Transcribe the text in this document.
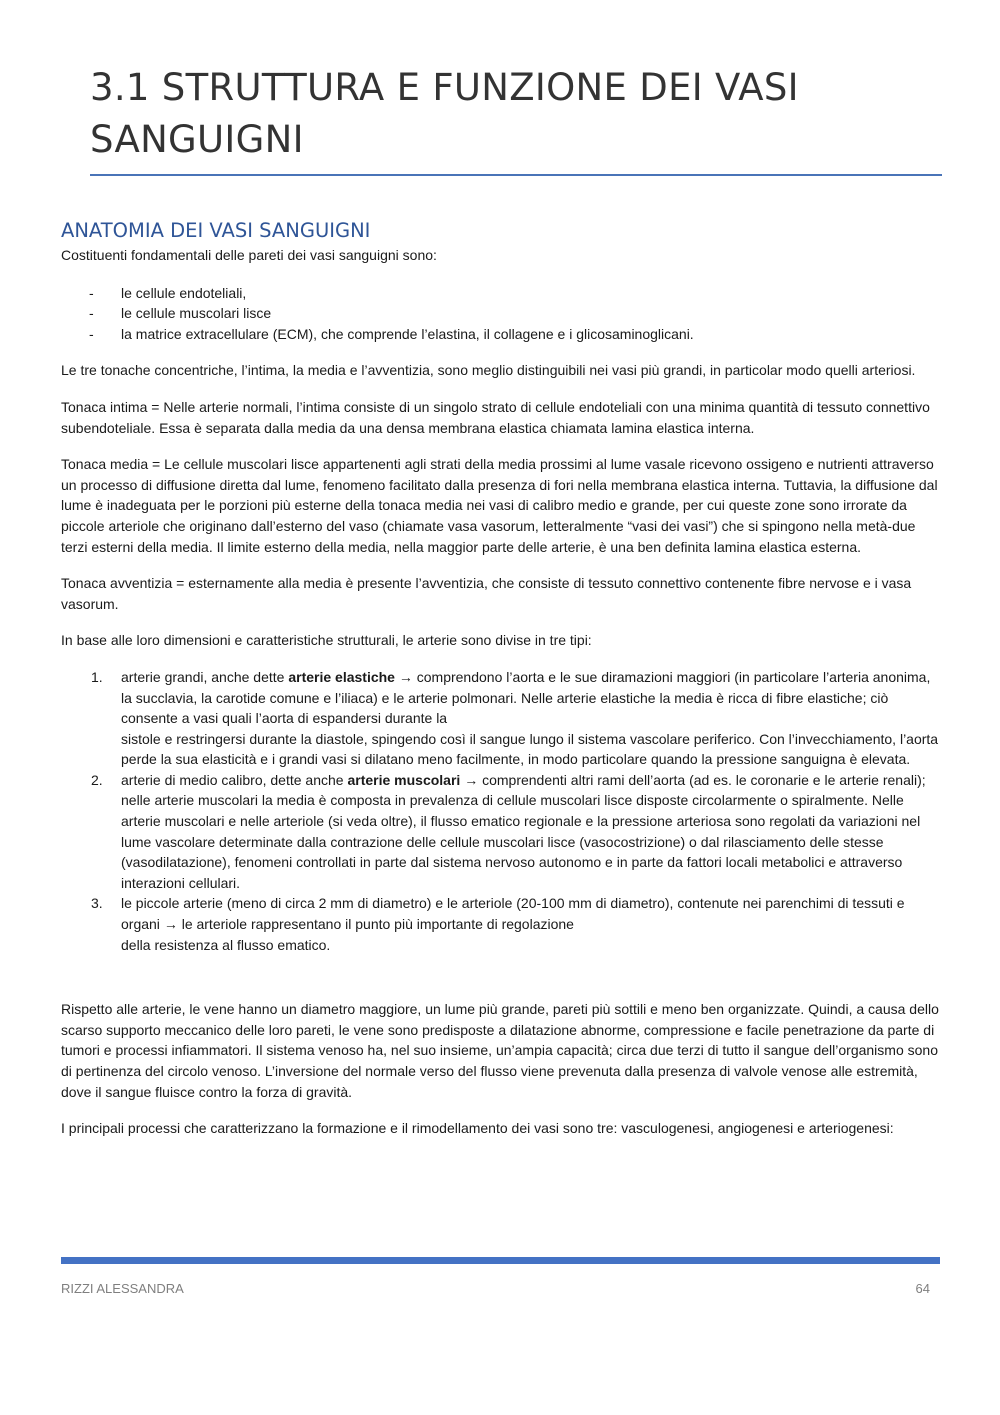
3.1 STRUTTURA E FUNZIONE DEI VASI SANGUIGNI
ANATOMIA DEI VASI SANGUIGNI

Costituenti fondamentali delle pareti dei vasi sanguigni sono:

- le cellule endoteliali,
- le cellule muscolari lisce
- la matrice extracellulare (ECM), che comprende l’elastina, il collagene e i glicosaminoglicani.

Le tre tonache concentriche, l’intima, la media e l’avventizia, sono meglio distinguibili nei vasi più grandi, in particolar modo quelli arteriosi.

Tonaca intima = Nelle arterie normali, l’intima consiste di un singolo strato di cellule endoteliali con una minima quantità di tessuto connettivo subendoteliale. Essa è separata dalla media da una densa membrana elastica chiamata lamina elastica interna.

Tonaca media = Le cellule muscolari lisce appartenenti agli strati della media prossimi al lume vasale ricevono ossigeno e nutrienti attraverso un processo di diffusione diretta dal lume, fenomeno facilitato dalla presenza di fori nella membrana elastica interna. Tuttavia, la diffusione dal lume è inadeguata per le porzioni più esterne della tonaca media nei vasi di calibro medio e grande, per cui queste zone sono irrorate da piccole arteriole che originano dall’esterno del vaso (chiamate vasa vasorum, letteralmente “vasi dei vasi”) che si spingono nella metà-due terzi esterni della media. Il limite esterno della media, nella maggior parte delle arterie, è una ben definita lamina elastica esterna.

Tonaca avventizia = esternamente alla media è presente l’avventizia, che consiste di tessuto connettivo contenente fibre nervose e i vasa vasorum.

In base alle loro dimensioni e caratteristiche strutturali, le arterie sono divise in tre tipi:

1. arterie grandi, anche dette arterie elastiche → comprendono l’aorta e le sue diramazioni maggiori (in particolare l’arteria anonima, la succlavia, la carotide comune e l’iliaca) e le arterie polmonari. Nelle arterie elastiche la media è ricca di fibre elastiche; ciò consente a vasi quali l’aorta di espandersi durante la
sistole e restringersi durante la diastole, spingendo così il sangue lungo il sistema vascolare periferico. Con l’invecchiamento, l’aorta perde la sua elasticità e i grandi vasi si dilatano meno facilmente, in modo particolare quando la pressione sanguigna è elevata.
2. arterie di medio calibro, dette anche arterie muscolari → comprendenti altri rami dell’aorta (ad es. le coronarie e le arterie renali); nelle arterie muscolari la media è composta in prevalenza di cellule muscolari lisce disposte circolarmente o spiralmente. Nelle arterie muscolari e nelle arteriole (si veda oltre), il flusso ematico regionale e la pressione arteriosa sono regolati da variazioni nel lume vascolare determinate dalla contrazione delle cellule muscolari lisce (vasocostrizione) o dal rilasciamento delle stesse (vasodilatazione), fenomeni controllati in parte dal sistema nervoso autonomo e in parte da fattori locali metabolici e attraverso interazioni cellulari.
3. le piccole arterie (meno di circa 2 mm di diametro) e le arteriole (20-100 mm di diametro), contenute nei parenchimi di tessuti e organi → le arteriole rappresentano il punto più importante di regolazione
della resistenza al flusso ematico.

Rispetto alle arterie, le vene hanno un diametro maggiore, un lume più grande, pareti più sottili e meno ben organizzate. Quindi, a causa dello scarso supporto meccanico delle loro pareti, le vene sono predisposte a dilatazione abnorme, compressione e facile penetrazione da parte di tumori e processi infiammatori. Il sistema venoso ha, nel suo insieme, un’ampia capacità; circa due terzi di tutto il sangue dell’organismo sono di pertinenza del circolo venoso. L’inversione del normale verso del flusso viene prevenuta dalla presenza di valvole venose alle estremità, dove il sangue fluisce contro la forza di gravità.

I principali processi che caratterizzano la formazione e il rimodellamento dei vasi sono tre: vasculogenesi, angiogenesi e arteriogenesi:

RIZZI ALESSANDRA	64
